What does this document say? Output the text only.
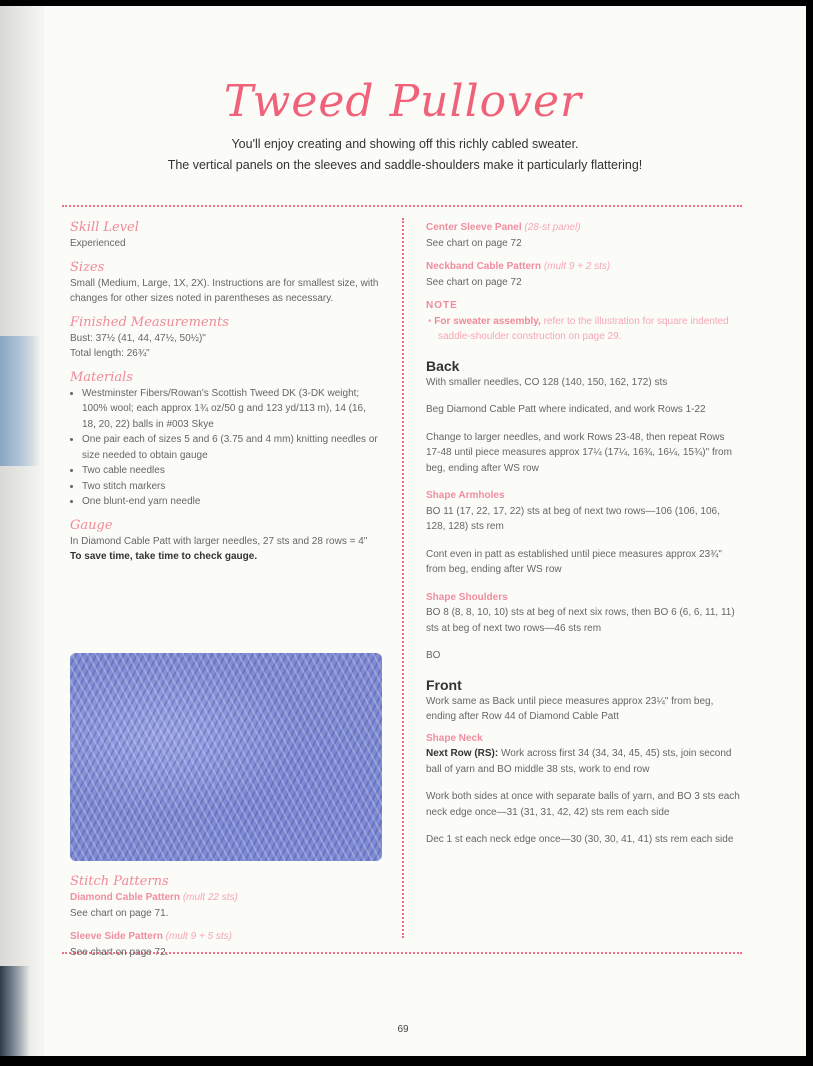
Tweed Pullover
You'll enjoy creating and showing off this richly cabled sweater.
The vertical panels on the sleeves and saddle-shoulders make it particularly flattering!

Skill Level

Experienced

Sizes

Small (Medium, Large, 1X, 2X). Instructions are for smallest size, with changes for other sizes noted in parentheses as necessary.

Finished Measurements

Bust: 37½ (41, 44, 47½, 50½)"

Total length: 26¾"

Materials

• Westminster Fibers/Rowan's Scottish Tweed DK (3-DK weight; 100% wool; each approx 1¾ oz/50 g and 123 yd/113 m), 14 (16, 18, 20, 22) balls in #003 Skye
• One pair each of sizes 5 and 6 (3.75 and 4 mm) knitting needles or size needed to obtain gauge
• Two cable needles
• Two stitch markers
• One blunt-end yarn needle

Gauge

In Diamond Cable Patt with larger needles, 27 sts and 28 rows = 4"

To save time, take time to check gauge.

Stitch Patterns

Diamond Cable Pattern (mult 22 sts)

See chart on page 71.

Sleeve Side Pattern (mult 9 + 5 sts)

See chart on page 72.

Center Sleeve Panel (28-st panel)

See chart on page 72

Neckband Cable Pattern (mult 9 + 2 sts)

See chart on page 72

NOTE

• For sweater assembly, refer to the illustration for square indented saddle-shoulder construction on page 29.

Back

With smaller needles, CO 128 (140, 150, 162, 172) sts

Beg Diamond Cable Patt where indicated, and work Rows 1-22

Change to larger needles, and work Rows 23-48, then repeat Rows 17-48 until piece measures approx 17¼ (17¼, 16¾, 16¼, 15¾)" from beg, ending after WS row

Shape Armholes

BO 11 (17, 22, 17, 22) sts at beg of next two rows—106 (106, 106, 128, 128) sts rem

Cont even in patt as established until piece measures approx 23¾" from beg, ending after WS row

Shape Shoulders

BO 8 (8, 8, 10, 10) sts at beg of next six rows, then BO 6 (6, 6, 11, 11) sts at beg of next two rows—46 sts rem

BO

Front

Work same as Back until piece measures approx 23¼" from beg, ending after Row 44 of Diamond Cable Patt

Shape Neck

Next Row (RS): Work across first 34 (34, 34, 45, 45) sts, join second ball of yarn and BO middle 38 sts, work to end row

Work both sides at once with separate balls of yarn, and BO 3 sts each neck edge once—31 (31, 31, 42, 42) sts rem each side

Dec 1 st each neck edge once—30 (30, 30, 41, 41) sts rem each side

69
